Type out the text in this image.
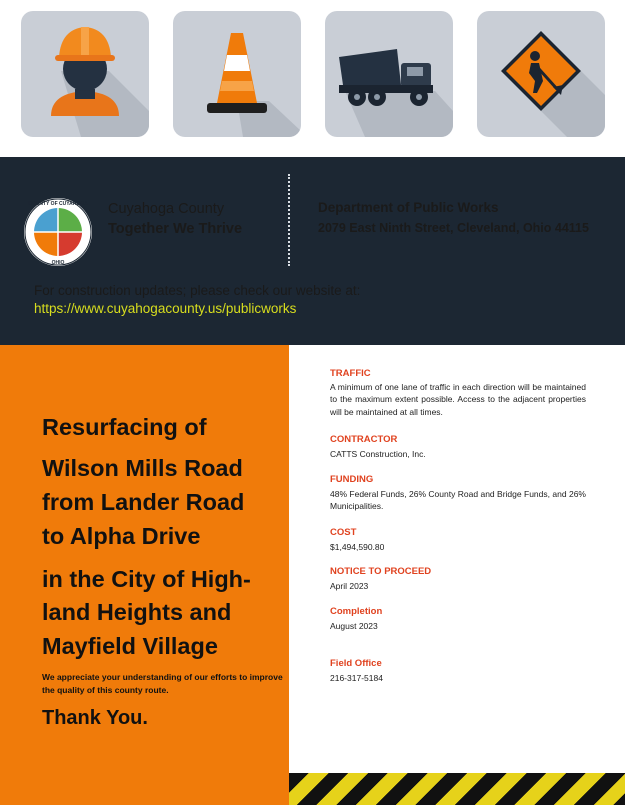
COUNTY OF CUYAHOGA
OHIO
Cuyahoga County
Together We Thrive
Department of Public Works
2079 East Ninth Street, Cleveland, Ohio 44115
For construction updates; please check our website at:
https://www.cuyahogacounty.us/publicworks
Resurfacing of
Wilson Mills Road
from Lander Road
to Alpha Drive
in the City of High-
land Heights and
Mayfield Village
We appreciate your understanding of our efforts to improve the quality of this county route.
Thank You.
TRAFFIC
A minimum of one lane of traffic in each direction will be maintained to the maximum extent possible. Access to the adjacent properties will be maintained at all times.
CONTRACTOR
CATTS Construction, Inc.
FUNDING
48% Federal Funds, 26% County Road and Bridge Funds, and 26% Municipalities.
COST
$1,494,590.80
NOTICE TO PROCEED
April 2023
Completion
August 2023
Field Office
216-317-5184
